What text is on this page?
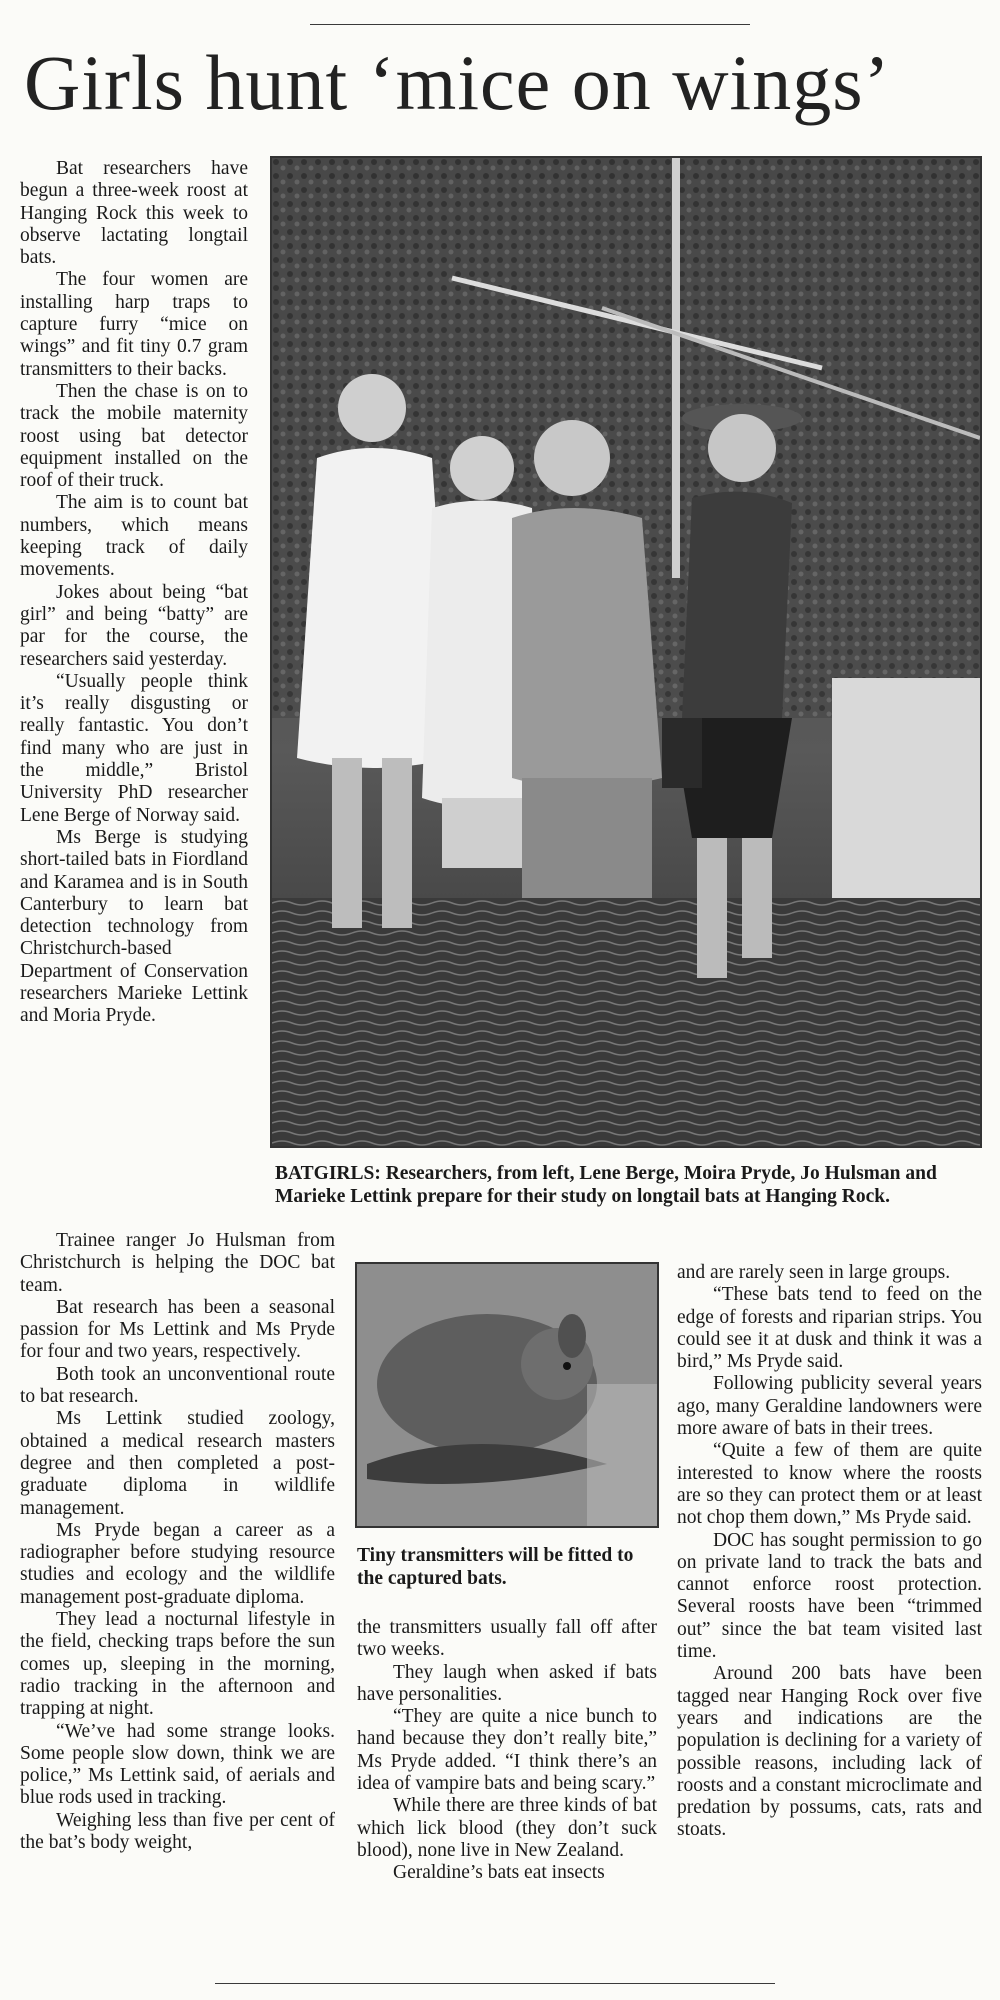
Girls hunt ‘mice on wings’

Bat researchers have begun a three-week roost at Hanging Rock this week to observe lactating longtail bats.

The four women are installing harp traps to capture furry “mice on wings” and fit tiny 0.7 gram transmitters to their backs.

Then the chase is on to track the mobile maternity roost using bat detector equipment installed on the roof of their truck.

The aim is to count bat numbers, which means keeping track of daily movements.

Jokes about being “bat girl” and being “batty” are par for the course, the researchers said yesterday.

“Usually people think it’s really disgusting or really fantastic. You don’t find many who are just in the middle,” Bristol University PhD researcher Lene Berge of Norway said.

Ms Berge is studying short-tailed bats in Fiordland and Karamea and is in South Canterbury to learn bat detection technology from Christchurch-based Department of Conservation researchers Marieke Lettink and Moria Pryde.

BATGIRLS: Researchers, from left, Lene Berge, Moira Pryde, Jo Hulsman and Marieke Lettink prepare for their study on longtail bats at Hanging Rock.

Trainee ranger Jo Hulsman from Christchurch is helping the DOC bat team.

Bat research has been a seasonal passion for Ms Lettink and Ms Pryde for four and two years, respectively.

Both took an unconventional route to bat research.

Ms Lettink studied zoology, obtained a medical research masters degree and then completed a post-graduate diploma in wildlife management.

Ms Pryde began a career as a radiographer before studying resource studies and ecology and the wildlife management post-graduate diploma.

They lead a nocturnal lifestyle in the field, checking traps before the sun comes up, sleeping in the morning, radio tracking in the afternoon and trapping at night.

“We’ve had some strange looks. Some people slow down, think we are police,” Ms Lettink said, of aerials and blue rods used in tracking.

Weighing less than five per cent of the bat’s body weight,

Tiny transmitters will be fitted to the captured bats.

the transmitters usually fall off after two weeks.

They laugh when asked if bats have personalities.

“They are quite a nice bunch to hand because they don’t really bite,” Ms Pryde added. “I think there’s an idea of vampire bats and being scary.”

While there are three kinds of bat which lick blood (they don’t suck blood), none live in New Zealand.

Geraldine’s bats eat insects

and are rarely seen in large groups.

“These bats tend to feed on the edge of forests and riparian strips. You could see it at dusk and think it was a bird,” Ms Pryde said.

Following publicity several years ago, many Geraldine landowners were more aware of bats in their trees.

“Quite a few of them are quite interested to know where the roosts are so they can protect them or at least not chop them down,” Ms Pryde said.

DOC has sought permission to go on private land to track the bats and cannot enforce roost protection. Several roosts have been “trimmed out” since the bat team visited last time.

Around 200 bats have been tagged near Hanging Rock over five years and indications are the population is declining for a variety of possible reasons, including lack of roosts and a constant microclimate and predation by possums, cats, rats and stoats.
